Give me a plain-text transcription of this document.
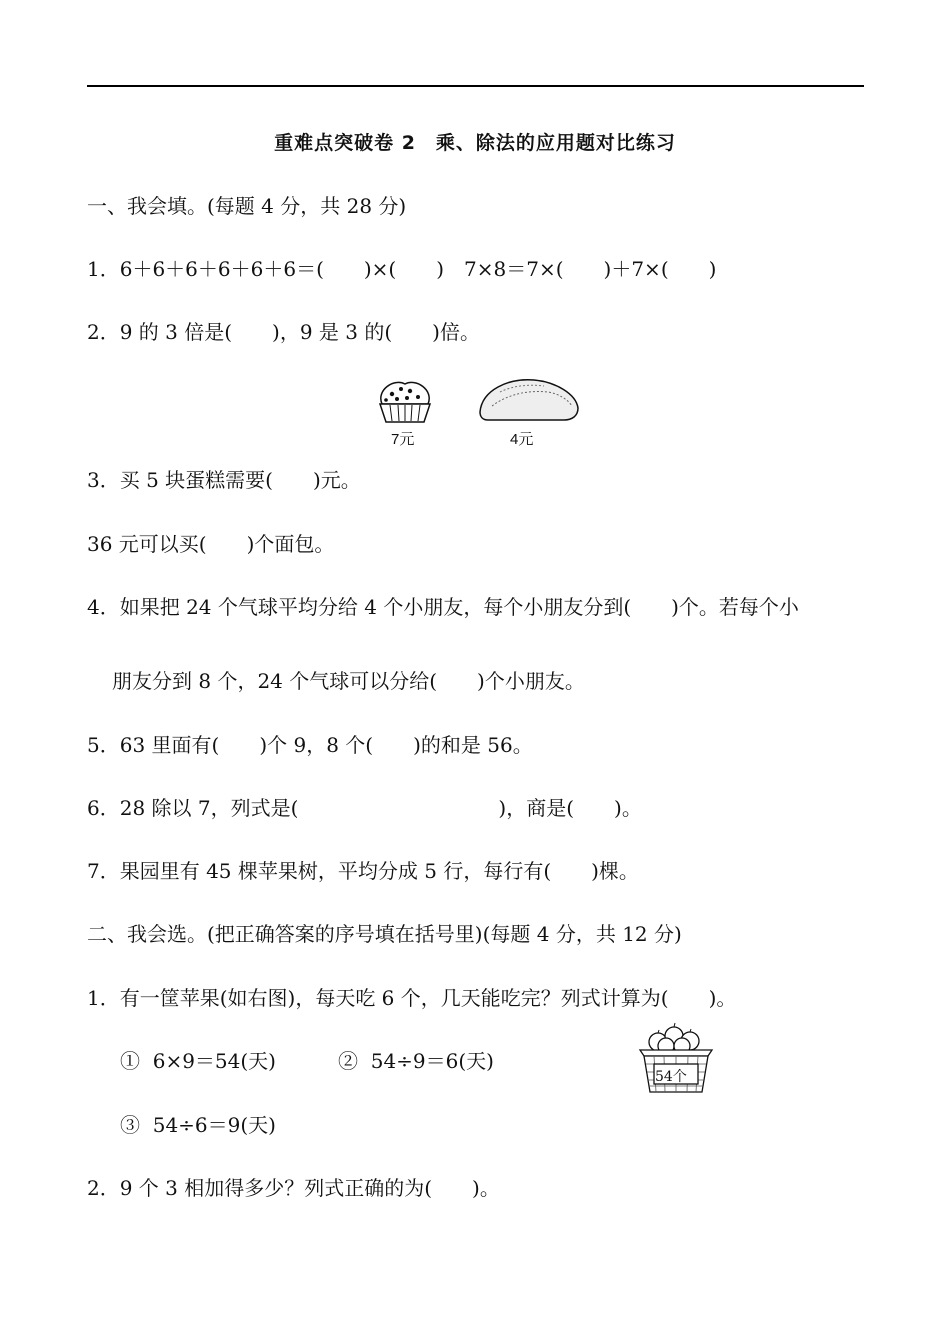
重难点突破卷 2　乘、除法的应用题对比练习
一、我会填。(每题 4 分，共 28 分)
1．6＋6＋6＋6＋6＋6＝(　　)×(　　)　7×8＝7×(　　)＋7×(　　)
2．9 的 3 倍是(　　)，9 是 3 的(　　)倍。
7元	4元
3．买 5 块蛋糕需要(　　)元。
36 元可以买(　　)个面包。
4．如果把 24 个气球平均分给 4 个小朋友，每个小朋友分到(　　)个。若每个小
朋友分到 8 个，24 个气球可以分给(　　)个小朋友。
5．63 里面有(　　)个 9，8 个(　　)的和是 56。
6．28 除以 7，列式是(　　　　　　　　　　)，商是(　　)。
7．果园里有 45 棵苹果树，平均分成 5 行，每行有(　　)棵。
二、我会选。(把正确答案的序号填在括号里)(每题 4 分，共 12 分)
1．有一筐苹果(如右图)，每天吃 6 个，几天能吃完？列式计算为(　　)。
①  6×9＝54(天)	②  54÷9＝6(天)
③  54÷6＝9(天)
54个
2．9 个 3 相加得多少？列式正确的为(　　)。
